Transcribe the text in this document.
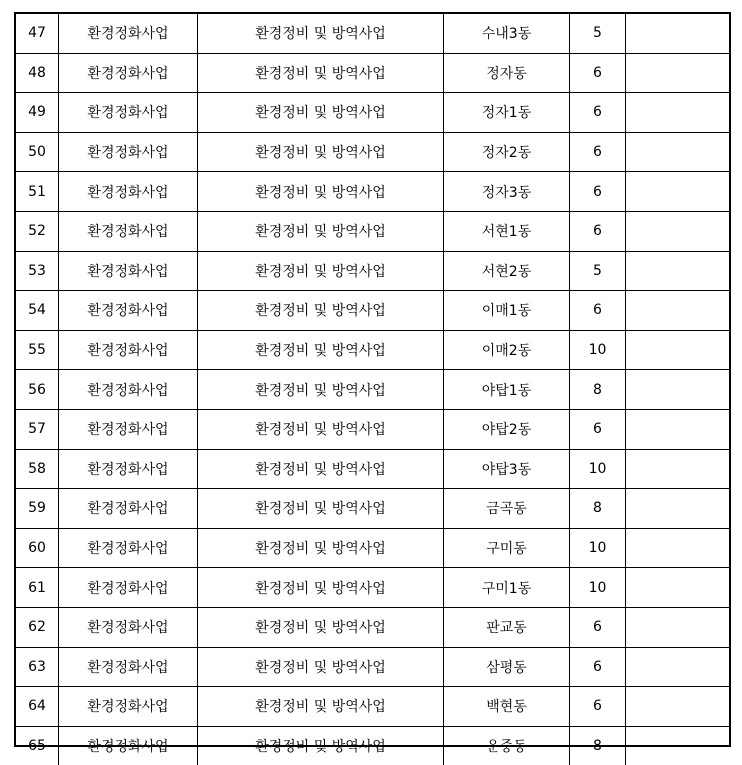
47	환경정화사업	환경정비 및 방역사업	수내3동	5	
48	환경정화사업	환경정비 및 방역사업	정자동	6	
49	환경정화사업	환경정비 및 방역사업	정자1동	6	
50	환경정화사업	환경정비 및 방역사업	정자2동	6	
51	환경정화사업	환경정비 및 방역사업	정자3동	6	
52	환경정화사업	환경정비 및 방역사업	서현1동	6	
53	환경정화사업	환경정비 및 방역사업	서현2동	5	
54	환경정화사업	환경정비 및 방역사업	이매1동	6	
55	환경정화사업	환경정비 및 방역사업	이매2동	10	
56	환경정화사업	환경정비 및 방역사업	야탑1동	8	
57	환경정화사업	환경정비 및 방역사업	야탑2동	6	
58	환경정화사업	환경정비 및 방역사업	야탑3동	10	
59	환경정화사업	환경정비 및 방역사업	금곡동	8	
60	환경정화사업	환경정비 및 방역사업	구미동	10	
61	환경정화사업	환경정비 및 방역사업	구미1동	10	
62	환경정화사업	환경정비 및 방역사업	판교동	6	
63	환경정화사업	환경정비 및 방역사업	삼평동	6	
64	환경정화사업	환경정비 및 방역사업	백현동	6	
65	환경정화사업	환경정비 및 방역사업	운중동	8	
